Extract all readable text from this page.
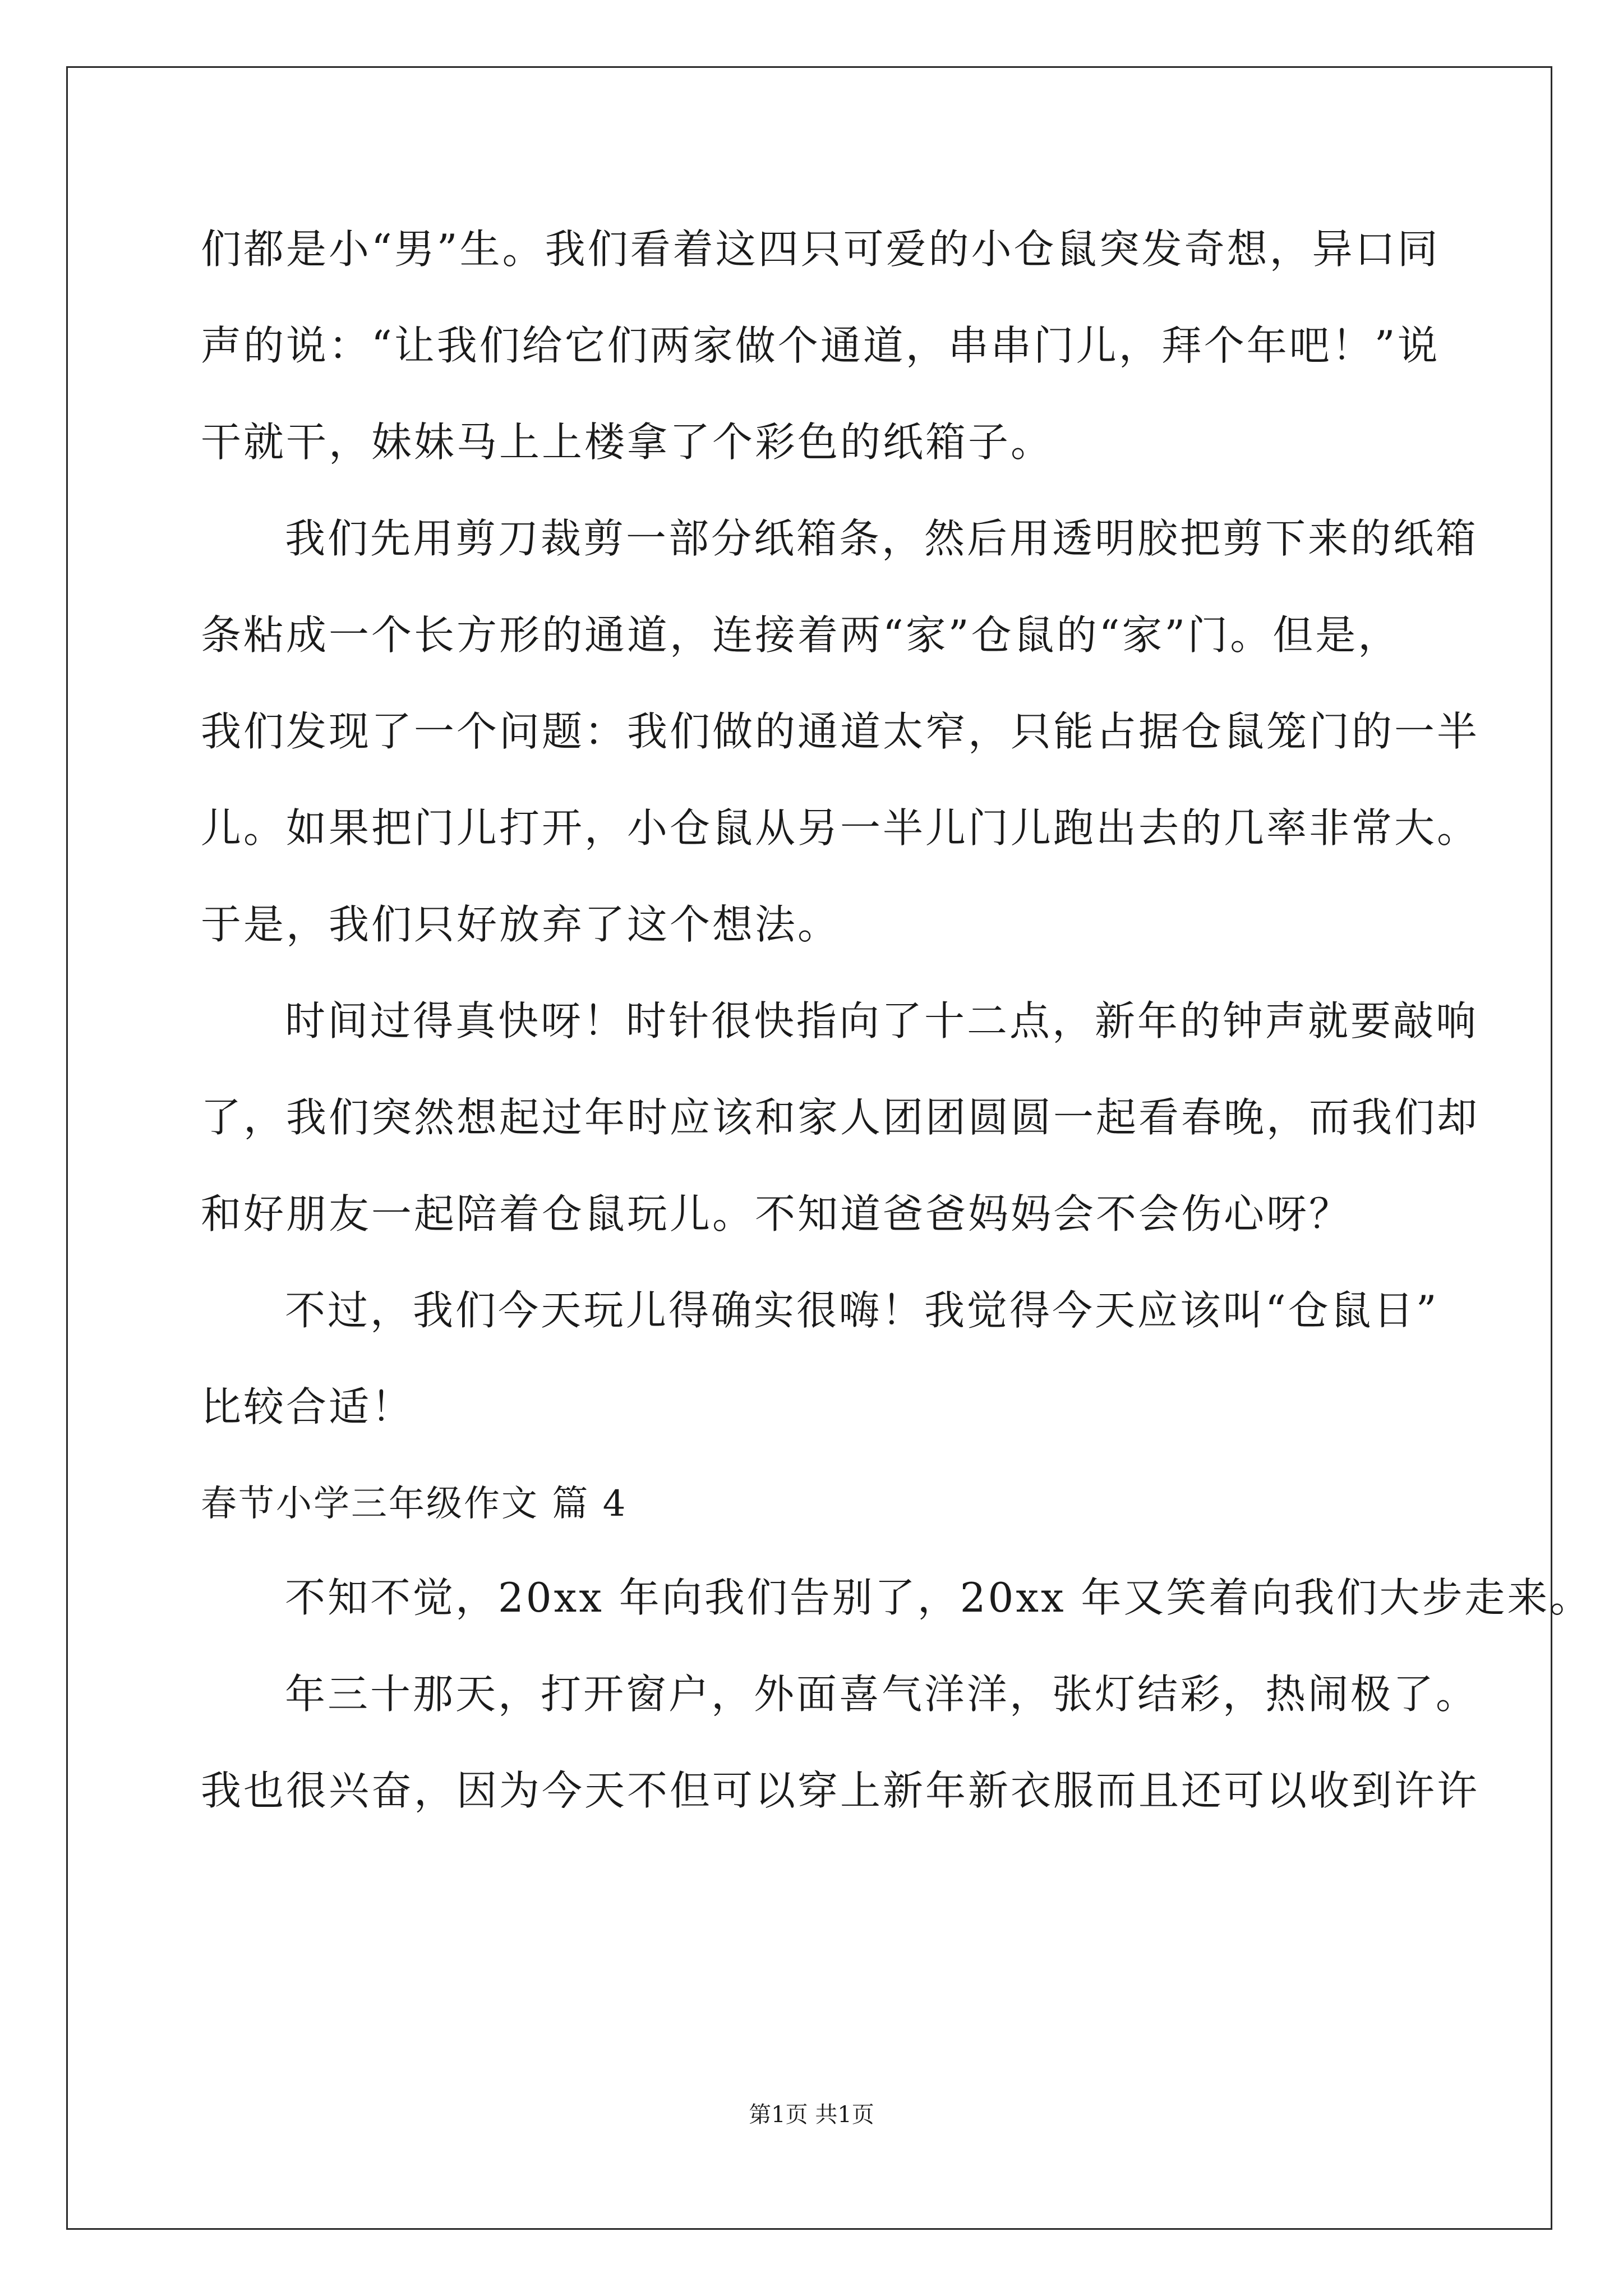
们都是小“男”生。我们看着这四只可爱的小仓鼠突发奇想，异口同
声的说：“让我们给它们两家做个通道，串串门儿，拜个年吧！”说
干就干，妹妹马上上楼拿了个彩色的纸箱子。
我们先用剪刀裁剪一部分纸箱条，然后用透明胶把剪下来的纸箱
条粘成一个长方形的通道，连接着两“家”仓鼠的“家”门。但是，
我们发现了一个问题：我们做的通道太窄，只能占据仓鼠笼门的一半
儿。如果把门儿打开，小仓鼠从另一半儿门儿跑出去的几率非常大。
于是，我们只好放弃了这个想法。
时间过得真快呀！时针很快指向了十二点，新年的钟声就要敲响
了，我们突然想起过年时应该和家人团团圆圆一起看春晚，而我们却
和好朋友一起陪着仓鼠玩儿。不知道爸爸妈妈会不会伤心呀？
不过，我们今天玩儿得确实很嗨！我觉得今天应该叫“仓鼠日”
比较合适！
春节小学三年级作文 篇 4
不知不觉，20xx 年向我们告别了，20xx 年又笑着向我们大步走来。
年三十那天，打开窗户，外面喜气洋洋，张灯结彩，热闹极了。
我也很兴奋，因为今天不但可以穿上新年新衣服而且还可以收到许许
第1页 共1页
